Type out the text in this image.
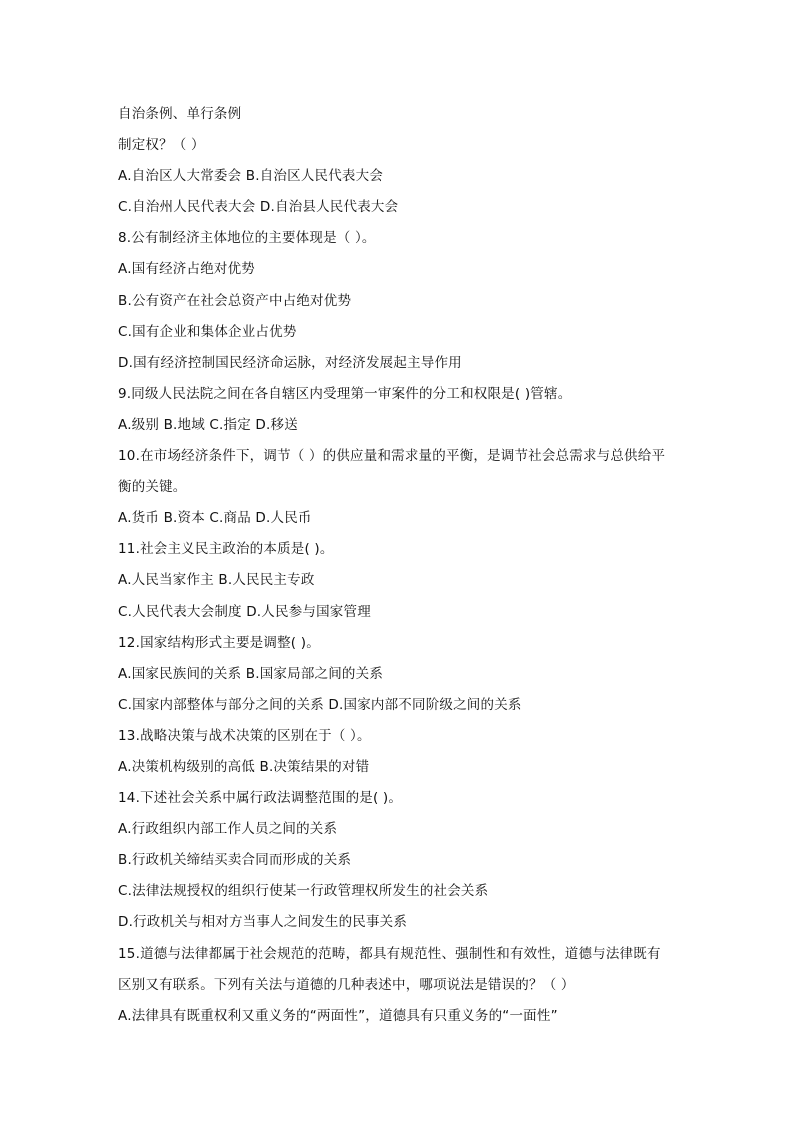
自治条例、单行条例
制定权？（ ）
A.自治区人大常委会 B.自治区人民代表大会
C.自治州人民代表大会 D.自治县人民代表大会
8.公有制经济主体地位的主要体现是（ ）。
A.国有经济占绝对优势
B.公有资产在社会总资产中占绝对优势
C.国有企业和集体企业占优势
D.国有经济控制国民经济命运脉，对经济发展起主导作用
9.同级人民法院之间在各自辖区内受理第一审案件的分工和权限是( )管辖。
A.级别 B.地域 C.指定 D.移送
10.在市场经济条件下，调节（ ）的供应量和需求量的平衡，是调节社会总需求与总供给平
衡的关键。
A.货币 B.资本 C.商品 D.人民币
11.社会主义民主政治的本质是( )。
A.人民当家作主 B.人民民主专政
C.人民代表大会制度 D.人民参与国家管理
12.国家结构形式主要是调整( )。
A.国家民族间的关系 B.国家局部之间的关系
C.国家内部整体与部分之间的关系 D.国家内部不同阶级之间的关系
13.战略决策与战术决策的区别在于（ ）。
A.决策机构级别的高低 B.决策结果的对错
14.下述社会关系中属行政法调整范围的是( )。
A.行政组织内部工作人员之间的关系
B.行政机关缔结买卖合同而形成的关系
C.法律法规授权的组织行使某一行政管理权所发生的社会关系
D.行政机关与相对方当事人之间发生的民事关系
15.道德与法律都属于社会规范的范畴，都具有规范性、强制性和有效性，道德与法律既有
区别又有联系。下列有关法与道德的几种表述中，哪项说法是错误的？（ ）
A.法律具有既重权利又重义务的“两面性”，道德具有只重义务的“一面性”
